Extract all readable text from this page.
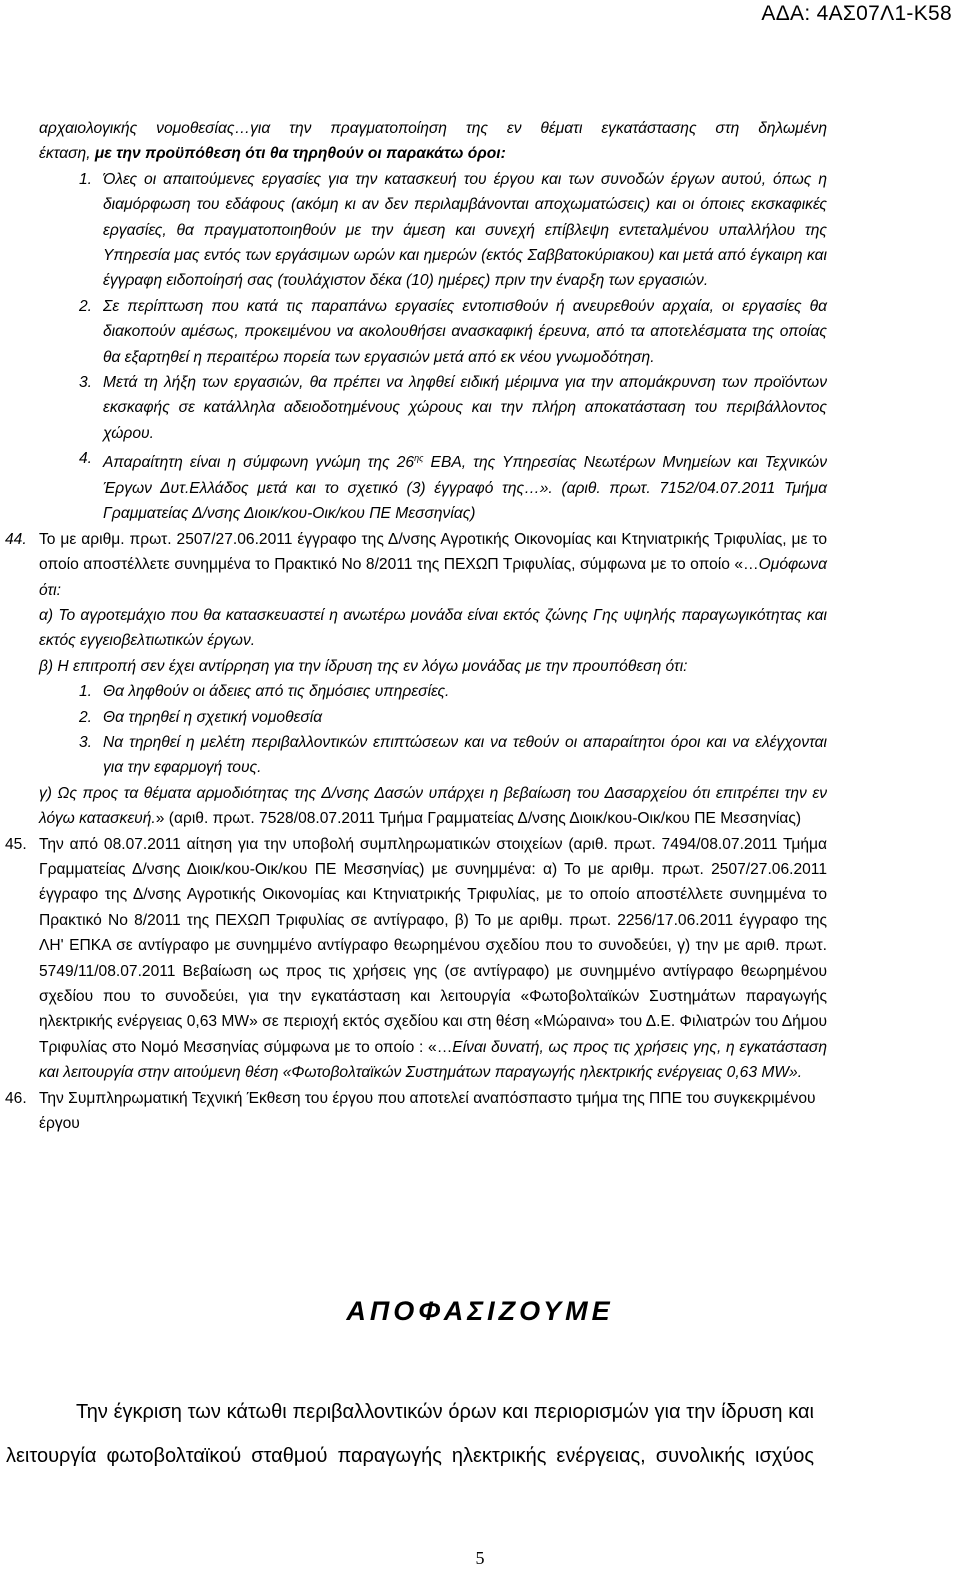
ΑΔΑ: 4ΑΣ07Λ1-Κ58
αρχαιολογικής νομοθεσίας…για την πραγματοποίηση της εν θέματι εγκατάστασης στη δηλωμένη
έκταση, με την προϋπόθεση ότι θα τηρηθούν οι παρακάτω όροι:
1. Όλες οι απαιτούμενες εργασίες για την κατασκευή του έργου και των συνοδών έργων αυτού, όπως η διαμόρφωση του εδάφους (ακόμη κι αν δεν περιλαμβάνονται αποχωματώσεις) και οι όποιες εκσκαφικές εργασίες, θα πραγματοποιηθούν με την άμεση και συνεχή επίβλεψη εντεταλμένου υπαλλήλου της Υπηρεσία μας εντός των εργάσιμων ωρών και ημερών (εκτός Σαββατοκύριακου) και μετά από έγκαιρη και έγγραφη ειδοποίησή σας (τουλάχιστον δέκα (10) ημέρες) πριν την έναρξη των εργασιών.
2. Σε περίπτωση που κατά τις παραπάνω εργασίες εντοπισθούν ή ανευρεθούν αρχαία, οι εργασίες θα διακοπούν αμέσως, προκειμένου να ακολουθήσει ανασκαφική έρευνα, από τα αποτελέσματα της οποίας θα εξαρτηθεί η περαιτέρω πορεία των εργασιών μετά από εκ νέου γνωμοδότηση.
3. Μετά τη λήξη των εργασιών, θα πρέπει να ληφθεί ειδική μέριμνα για την απομάκρυνση των προϊόντων εκσκαφής σε κατάλληλα αδειοδοτημένους χώρους και την πλήρη αποκατάσταση του περιβάλλοντος χώρου.
4. Απαραίτητη είναι η σύμφωνη γνώμη της $26^{\eta\varsigma}$ ΕΒΑ, της Υπηρεσίας Νεωτέρων Μνημείων και Τεχνικών Έργων Δυτ.Ελλάδος μετά και το σχετικό (3) έγγραφό της…». (αριθ. πρωτ. 7152/04.07.2011 Τμήμα Γραμματείας Δ/νσης Διοικ/κου-Οικ/κου ΠΕ Μεσσηνίας)
44. Το με αριθμ. πρωτ. 2507/27.06.2011 έγγραφο της Δ/νσης Αγροτικής Οικονομίας και Κτηνιατρικής Τριφυλίας, με το οποίο αποστέλλετε συνημμένα το Πρακτικό Νο 8/2011 της ΠΕΧΩΠ Τριφυλίας, σύμφωνα με το οποίο «…Ομόφωνα ότι:
α) Το αγροτεμάχιο που θα κατασκευαστεί η ανωτέρω μονάδα είναι εκτός ζώνης Γης υψηλής παραγωγικότητας και εκτός εγγειοβελτιωτικών έργων.
β) Η επιτροπή σεν έχει αντίρρηση για την ίδρυση της εν λόγω μονάδας με την προυπόθεση ότι:
1. Θα ληφθούν οι άδειες από τις δημόσιες υπηρεσίες.
2. Θα τηρηθεί η σχετική νομοθεσία
3. Να τηρηθεί η μελέτη περιβαλλοντικών επιπτώσεων και να τεθούν οι απαραίτητοι όροι και να ελέγχονται για την εφαρμογή τους.
γ) Ως προς τα θέματα αρμοδιότητας της Δ/νσης Δασών υπάρχει η βεβαίωση του Δασαρχείου ότι επιτρέπει την εν λόγω κατασκευή.» (αριθ. πρωτ. 7528/08.07.2011 Τμήμα Γραμματείας Δ/νσης Διοικ/κου-Οικ/κου ΠΕ Μεσσηνίας)
45. Την από 08.07.2011 αίτηση για την υποβολή συμπληρωματικών στοιχείων (αριθ. πρωτ. 7494/08.07.2011 Τμήμα Γραμματείας Δ/νσης Διοικ/κου-Οικ/κου ΠΕ Μεσσηνίας) με συνημμένα: α) Το με αριθμ. πρωτ. 2507/27.06.2011 έγγραφο της Δ/νσης Αγροτικής Οικονομίας και Κτηνιατρικής Τριφυλίας, με το οποίο αποστέλλετε συνημμένα το Πρακτικό Νο 8/2011 της ΠΕΧΩΠ Τριφυλίας σε αντίγραφο, β) Το με αριθμ. πρωτ. 2256/17.06.2011 έγγραφο της ΛΗ' ΕΠΚΑ σε αντίγραφο με συνημμένο αντίγραφο θεωρημένου σχεδίου που το συνοδεύει, γ) την με αριθ. πρωτ. 5749/11/08.07.2011 Βεβαίωση ως προς τις χρήσεις γης (σε αντίγραφο) με συνημμένο αντίγραφο θεωρημένου σχεδίου που το συνοδεύει, για την εγκατάσταση και λειτουργία «Φωτοβολταϊκών Συστημάτων παραγωγής ηλεκτρικής ενέργειας 0,63 MW» σε περιοχή εκτός σχεδίου και στη θέση «Μώραινα» του Δ.Ε. Φιλιατρών του Δήμου Τριφυλίας στο Νομό Μεσσηνίας σύμφωνα με το οποίο : «…Είναι δυνατή, ως προς τις χρήσεις γης, η εγκατάσταση και λειτουργία στην αιτούμενη θέση «Φωτοβολταϊκών Συστημάτων παραγωγής ηλεκτρικής ενέργειας 0,63 MW».
46. Την Συμπληρωματική Τεχνική Έκθεση του έργου που αποτελεί αναπόσπαστο τμήμα της ΠΠΕ του συγκεκριμένου έργου
ΑΠΟΦΑΣΙΖΟΥΜΕ
Την έγκριση των κάτωθι περιβαλλοντικών όρων και περιορισμών για την ίδρυση και
λειτουργία φωτοβολταϊκού σταθμού παραγωγής ηλεκτρικής ενέργειας, συνολικής ισχύος
5
